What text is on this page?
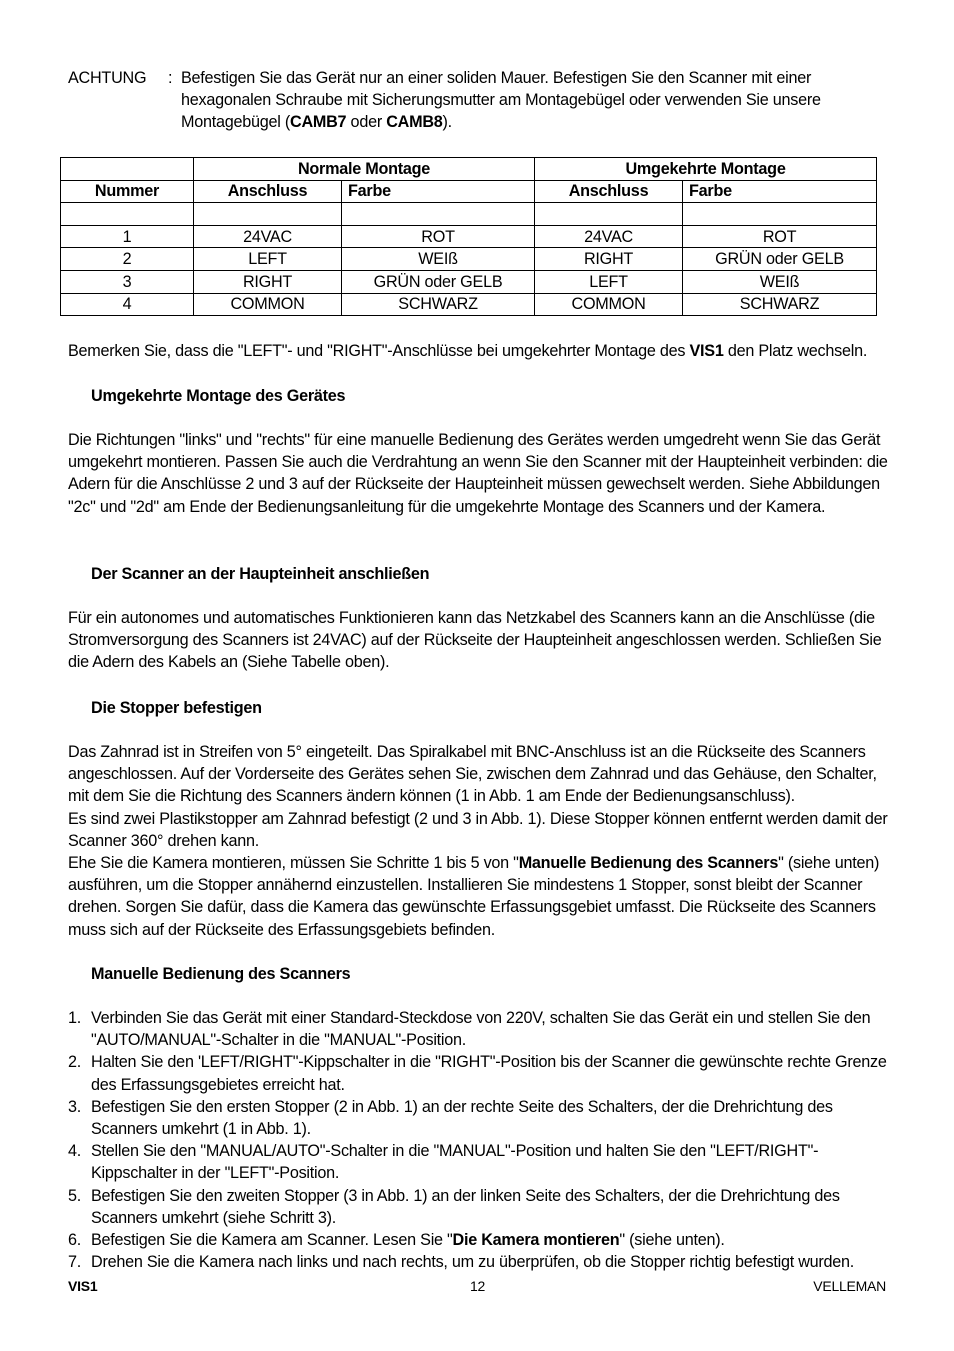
ACHTUNG	: Befestigen Sie das Gerät nur an einer soliden Mauer. Befestigen Sie den Scanner mit einer hexagonalen Schraube mit Sicherungsmutter am Montagebügel oder verwenden Sie unsere Montagebügel (CAMB7 oder CAMB8).
	Normale Montage		Umgekehrte Montage	
Nummer	Anschluss	Farbe	Anschluss	Farbe

1	24VAC	ROT	24VAC	ROT
2	LEFT	WEIß	RIGHT	GRÜN oder GELB
3	RIGHT	GRÜN oder GELB	LEFT	WEIß
4	COMMON	SCHWARZ	COMMON	SCHWARZ
Bemerken Sie, dass die "LEFT"- und "RIGHT"-Anschlüsse bei umgekehrter Montage des VIS1 den Platz wechseln.
Umgekehrte Montage des Gerätes
Die Richtungen "links" und "rechts" für eine manuelle Bedienung des Gerätes werden umgedreht wenn Sie das Gerät umgekehrt montieren. Passen Sie auch die Verdrahtung an wenn Sie den Scanner mit der Haupteinheit verbinden: die Adern für die Anschlüsse 2 und 3 auf der Rückseite der Haupteinheit müssen gewechselt werden. Siehe Abbildungen "2c" und "2d" am Ende der Bedienungsanleitung für die umgekehrte Montage des Scanners und der Kamera.
Der Scanner an der Haupteinheit anschließen
Für ein autonomes und automatisches Funktionieren kann das Netzkabel des Scanners kann an die Anschlüsse (die Stromversorgung des Scanners ist 24VAC) auf der Rückseite der Haupteinheit angeschlossen werden. Schließen Sie die Adern des Kabels an (Siehe Tabelle oben).
Die Stopper befestigen
Das Zahnrad ist in Streifen von 5° eingeteilt. Das Spiralkabel mit BNC-Anschluss ist an die Rückseite des Scanners angeschlossen. Auf der Vorderseite des Gerätes sehen Sie, zwischen dem Zahnrad und das Gehäuse, den Schalter, mit dem Sie die Richtung des Scanners ändern können (1 in Abb. 1 am Ende der Bedienungsanschluss).
Es sind zwei Plastikstopper am Zahnrad befestigt (2 und 3 in Abb. 1). Diese Stopper können entfernt werden damit der Scanner 360° drehen kann.
Ehe Sie die Kamera montieren, müssen Sie Schritte 1 bis 5 von "Manuelle Bedienung des Scanners" (siehe unten) ausführen, um die Stopper annähernd einzustellen. Installieren Sie mindestens 1 Stopper, sonst bleibt der Scanner drehen. Sorgen Sie dafür, dass die Kamera das gewünschte Erfassungsgebiet umfasst. Die Rückseite des Scanners muss sich auf der Rückseite des Erfassungsgebiets befinden.
Manuelle Bedienung des Scanners
1. Verbinden Sie das Gerät mit einer Standard-Steckdose von 220V, schalten Sie das Gerät ein und stellen Sie den "AUTO/MANUAL"-Schalter in die "MANUAL"-Position.
2. Halten Sie den 'LEFT/RIGHT"-Kippschalter in die "RIGHT"-Position bis der Scanner die gewünschte rechte Grenze des Erfassungsgebietes erreicht hat.
3. Befestigen Sie den ersten Stopper (2 in Abb. 1) an der rechte Seite des Schalters, der die Drehrichtung des Scanners umkehrt (1 in Abb. 1).
4. Stellen Sie den "MANUAL/AUTO"-Schalter in die "MANUAL"-Position und halten Sie den "LEFT/RIGHT"-Kippschalter in der "LEFT"-Position.
5. Befestigen Sie den zweiten Stopper (3 in Abb. 1) an der linken Seite des Schalters, der die Drehrichtung des Scanners umkehrt (siehe Schritt 3).
6. Befestigen Sie die Kamera am Scanner. Lesen Sie "Die Kamera montieren" (siehe unten).
7. Drehen Sie die Kamera nach links und nach rechts, um zu überprüfen, ob die Stopper richtig befestigt wurden.
VIS1	12	VELLEMAN
